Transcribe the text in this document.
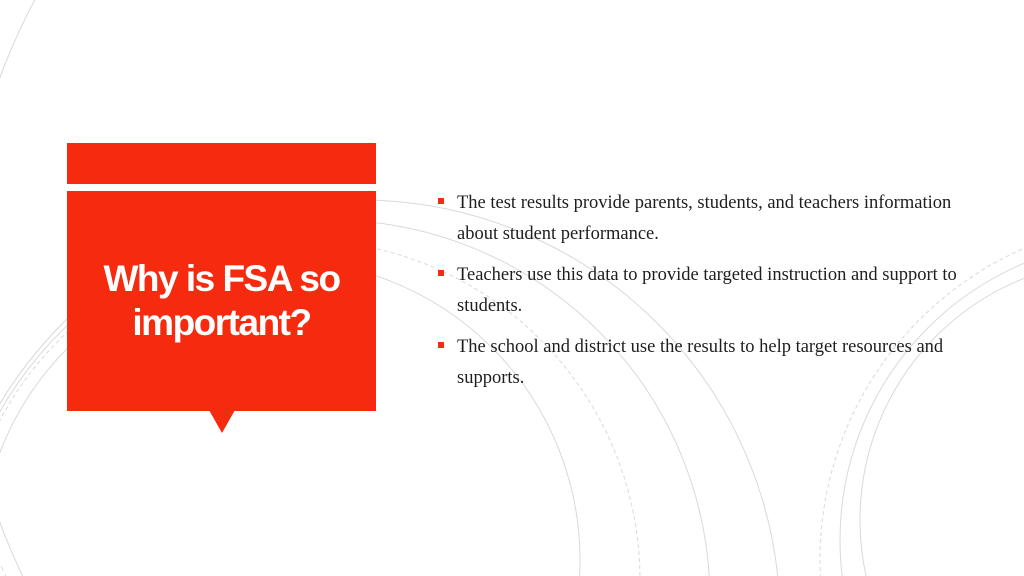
Why is FSA so important?
The test results provide parents, students, and teachers information about student performance.
Teachers use this data to provide targeted instruction and support to students.
The school and district use the results to help target resources and supports.
